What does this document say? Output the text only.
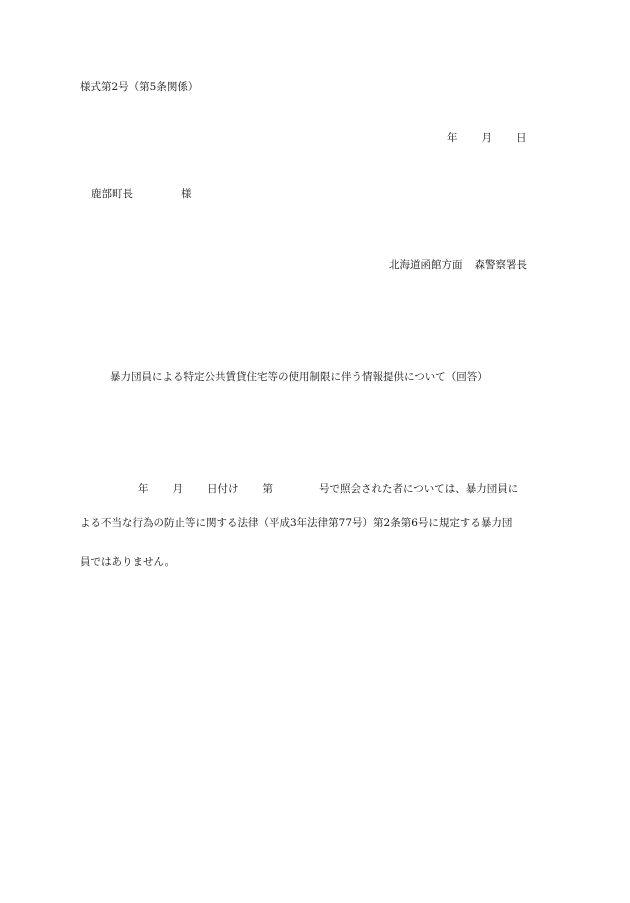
様式第2号（第5条関係）
年 月 日
鹿部町長	様
北海道函館方面 森警察署長
暴力団員による特定公共賃貸住宅等の使用制限に伴う情報提供について（回答）
年 月 日付け 第	号で照会された者については、暴力団員に
よる不当な行為の防止等に関する法律（平成3年法律第77号）第2条第6号に規定する暴力団
員ではありません。
